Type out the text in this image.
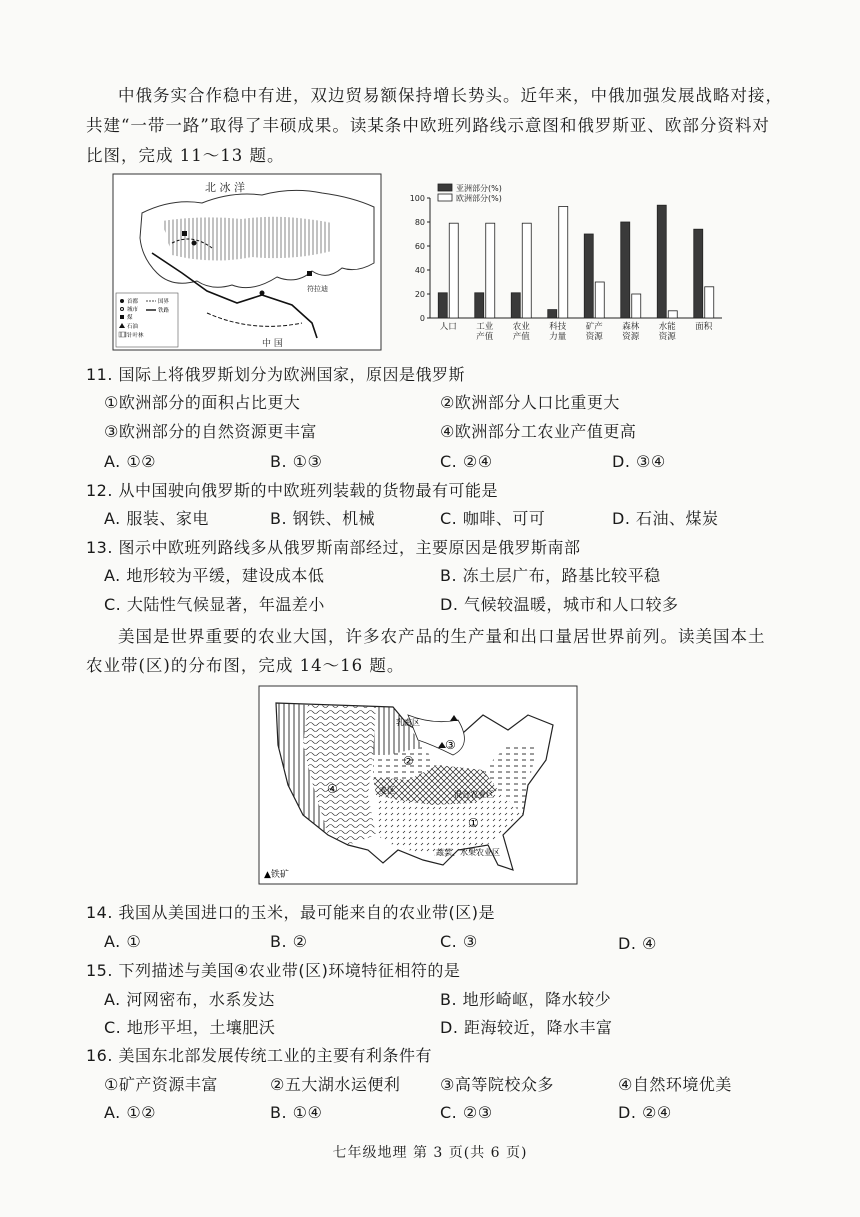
中俄务实合作稳中有进，双边贸易额保持增长势头。近年来，中俄加强发展战略对接，
共建“一带一路”取得了丰硕成果。读某条中欧班列路线示意图和俄罗斯亚、欧部分资料对
比图，完成 11～13 题。
北 冰 洋
中 国
符拉迪
首都
城市
煤
石油
针叶林
国界
铁路
0
20
40
60
80
100
人口 工业
产值
农业
产值
科技
力量
矿产
资源
森林
资源
水能
资源
面积
亚洲部分(%)
欧洲部分(%)
11. 国际上将俄罗斯划分为欧洲国家，原因是俄罗斯
①欧洲部分的面积占比更大	②欧洲部分人口比重更大
③欧洲部分的自然资源更丰富	④欧洲部分工农业产值更高
A. ①②	B. ①③	C. ②④	D. ③④
12. 从中国驶向俄罗斯的中欧班列装载的货物最有可能是
A. 服装、家电	B. 钢铁、机械	C. 咖啡、可可	D. 石油、煤炭
13. 图示中欧班列路线多从俄罗斯南部经过，主要原因是俄罗斯南部
A. 地形较为平缓，建设成本低	B. 冻土层广布，路基比较平稳
C. 大陆性气候显著，年温差小	D. 气候较温暖，城市和人口较多
美国是世界重要的农业大国，许多农产品的生产量和出口量居世界前列。读美国本土
农业带(区)的分布图，完成 14～16 题。
④
②
③
①
乳畜区
麦区	混合农业区
蔬菜、水果农业区
▲铁矿
14. 我国从美国进口的玉米，最可能来自的农业带(区)是
A. ①	B. ②	C. ③	D. ④
15. 下列描述与美国④农业带(区)环境特征相符的是
A. 河网密布，水系发达	B. 地形崎岖，降水较少
C. 地形平坦，土壤肥沃	D. 距海较近，降水丰富
16. 美国东北部发展传统工业的主要有利条件有
①矿产资源丰富	②五大湖水运便利 ③高等院校众多	④自然环境优美
A. ①②	B. ①④	C. ②③	D. ②④
七年级地理 第 3 页(共 6 页)
